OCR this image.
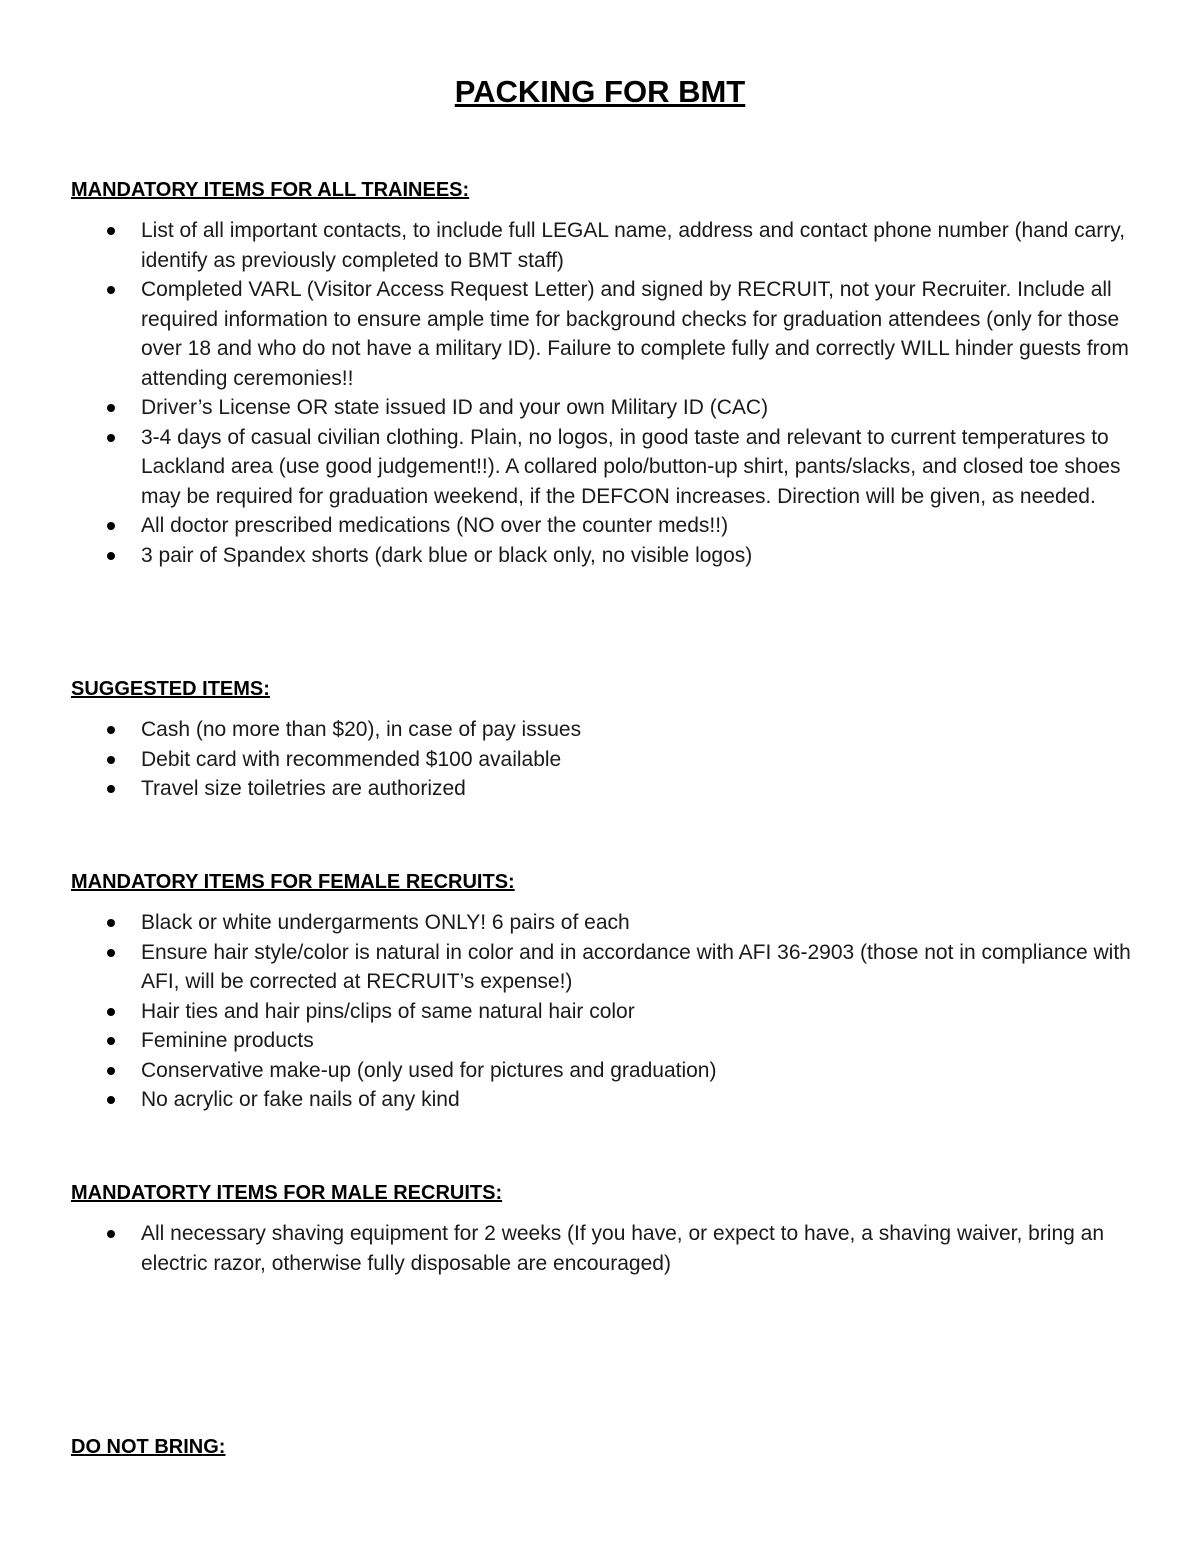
PACKING FOR BMT
MANDATORY ITEMS FOR ALL TRAINEES:
List of all important contacts, to include full LEGAL name, address and contact phone number (hand carry, identify as previously completed to BMT staff)
Completed VARL (Visitor Access Request Letter) and signed by RECRUIT, not your Recruiter. Include all required information to ensure ample time for background checks for graduation attendees (only for those over 18 and who do not have a military ID). Failure to complete fully and correctly WILL hinder guests from attending ceremonies!!
Driver’s License OR state issued ID and your own Military ID (CAC)
3-4 days of casual civilian clothing. Plain, no logos, in good taste and relevant to current temperatures to Lackland area (use good judgement!!). A collared polo/button-up shirt, pants/slacks, and closed toe shoes may be required for graduation weekend, if the DEFCON increases. Direction will be given, as needed.
All doctor prescribed medications (NO over the counter meds!!)
3 pair of Spandex shorts (dark blue or black only, no visible logos)
SUGGESTED ITEMS:
Cash (no more than $20), in case of pay issues
Debit card with recommended $100 available
Travel size toiletries are authorized
MANDATORY ITEMS FOR FEMALE RECRUITS:
Black or white undergarments ONLY! 6 pairs of each
Ensure hair style/color is natural in color and in accordance with AFI 36-2903 (those not in compliance with AFI, will be corrected at RECRUIT’s expense!)
Hair ties and hair pins/clips of same natural hair color
Feminine products
Conservative make-up (only used for pictures and graduation)
No acrylic or fake nails of any kind
MANDATORTY ITEMS FOR MALE RECRUITS:
All necessary shaving equipment for 2 weeks (If you have, or expect to have, a shaving waiver, bring an electric razor, otherwise fully disposable are encouraged)
DO NOT BRING:
